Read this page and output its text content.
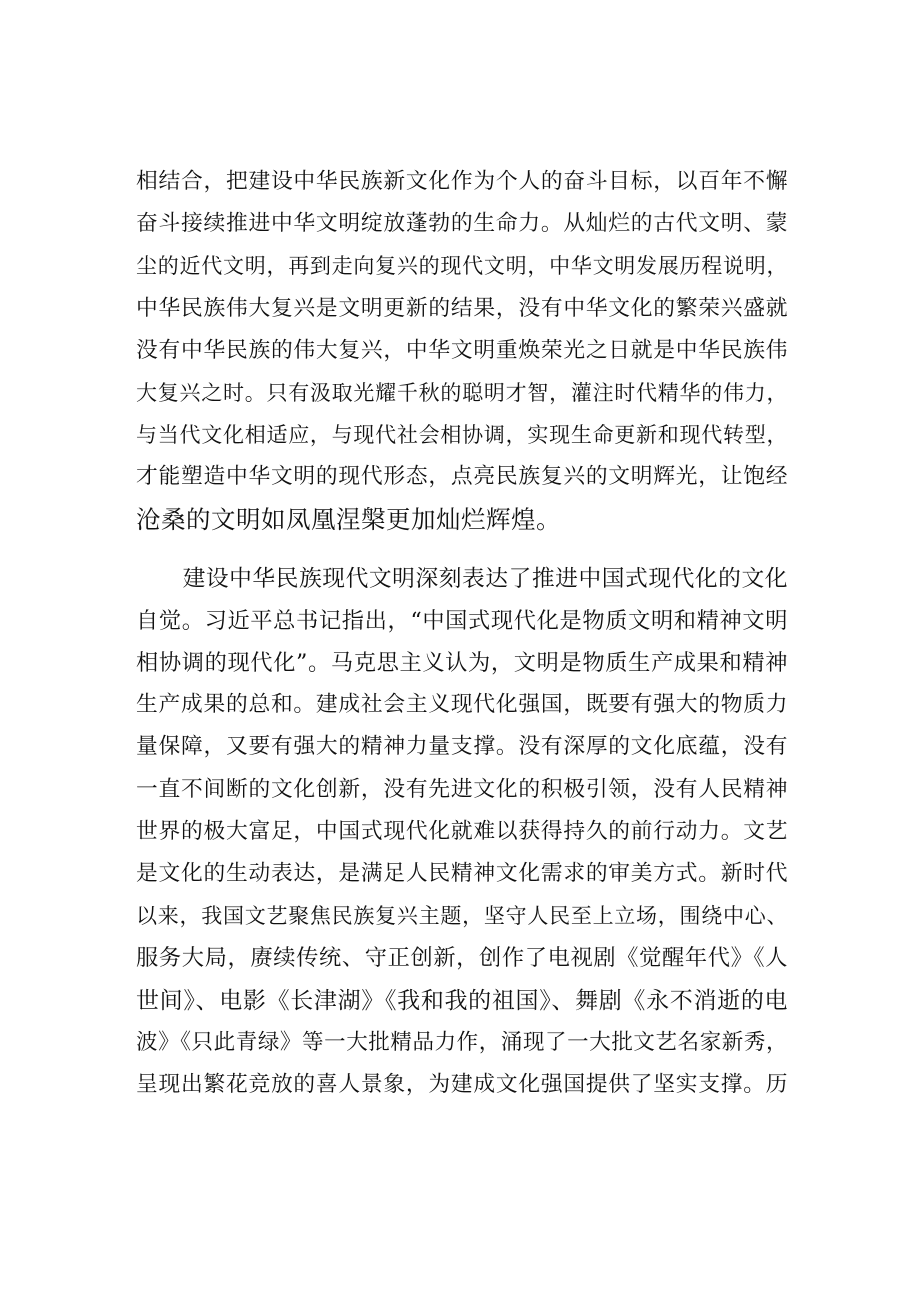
相结合，把建设中华民族新文化作为个人的奋斗目标，以百年不懈
奋斗接续推进中华文明绽放蓬勃的生命力。从灿烂的古代文明、蒙
尘的近代文明，再到走向复兴的现代文明，中华文明发展历程说明，
中华民族伟大复兴是文明更新的结果，没有中华文化的繁荣兴盛就
没有中华民族的伟大复兴，中华文明重焕荣光之日就是中华民族伟
大复兴之时。只有汲取光耀千秋的聪明才智，灌注时代精华的伟力，
与当代文化相适应，与现代社会相协调，实现生命更新和现代转型，
才能塑造中华文明的现代形态，点亮民族复兴的文明辉光，让饱经
沧桑的文明如凤凰涅槃更加灿烂辉煌。

　　建设中华民族现代文明深刻表达了推进中国式现代化的文化
自觉。习近平总书记指出，“中国式现代化是物质文明和精神文明
相协调的现代化”。马克思主义认为，文明是物质生产成果和精神
生产成果的总和。建成社会主义现代化强国，既要有强大的物质力
量保障，又要有强大的精神力量支撑。没有深厚的文化底蕴，没有
一直不间断的文化创新，没有先进文化的积极引领，没有人民精神
世界的极大富足，中国式现代化就难以获得持久的前行动力。文艺
是文化的生动表达，是满足人民精神文化需求的审美方式。新时代
以来，我国文艺聚焦民族复兴主题，坚守人民至上立场，围绕中心、
服务大局，赓续传统、守正创新，创作了电视剧《觉醒年代》《人
世间》、电影《长津湖》《我和我的祖国》、舞剧《永不消逝的电
波》《只此青绿》等一大批精品力作，涌现了一大批文艺名家新秀，
呈现出繁花竞放的喜人景象，为建成文化强国提供了坚实支撑。历
